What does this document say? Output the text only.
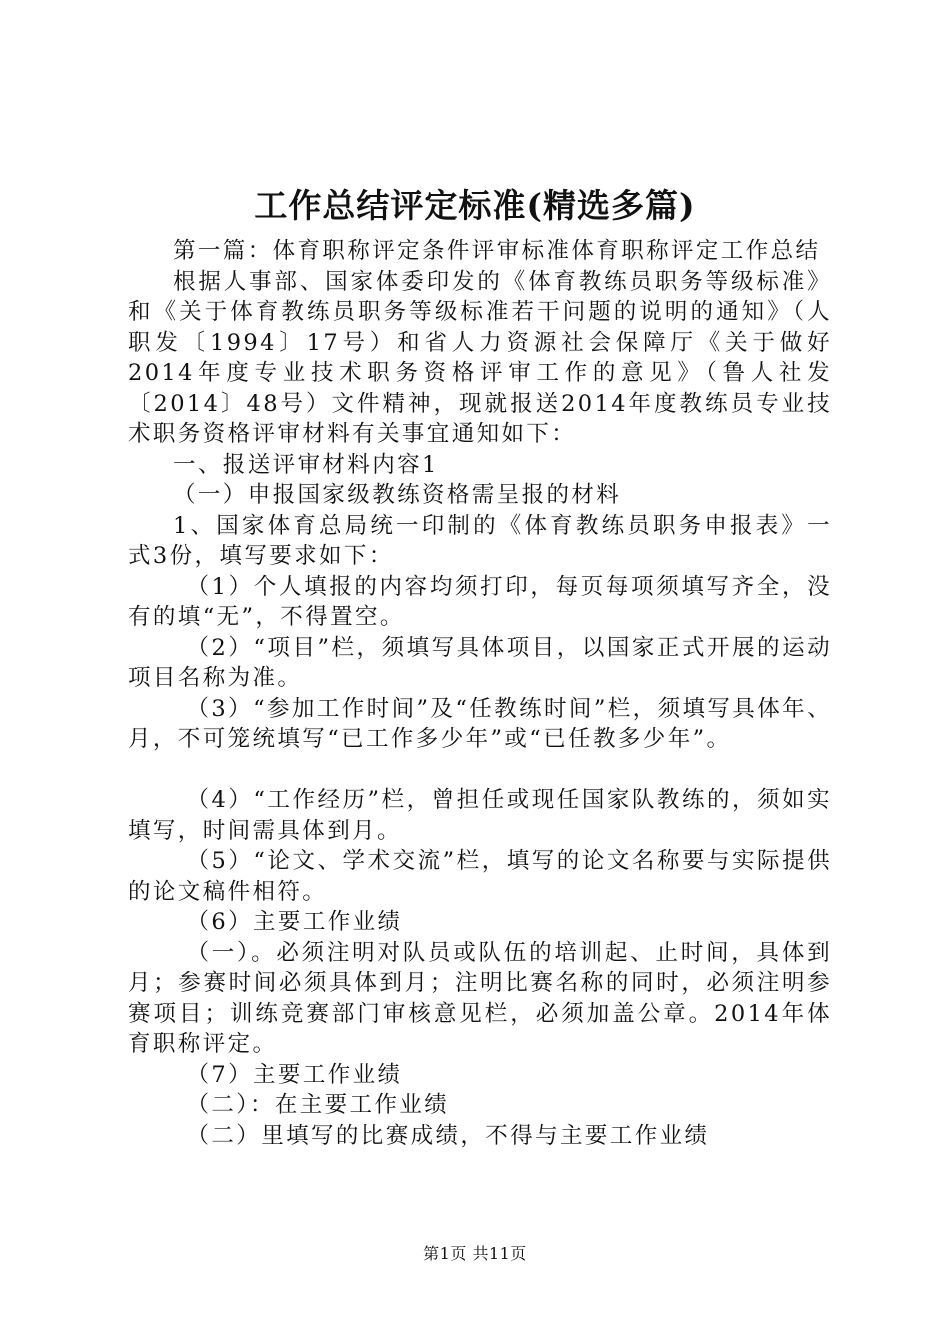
工作总结评定标准(精选多篇)

第一篇：体育职称评定条件评审标准体育职称评定工作总结

根据人事部、国家体委印发的《体育教练员职务等级标准》和《关于体育教练员职务等级标准若干问题的说明的通知》（人职发〔1994〕17号）和省人力资源社会保障厅《关于做好2014年度专业技术职务资格评审工作的意见》（鲁人社发〔2014〕48号）文件精神，现就报送2014年度教练员专业技术职务资格评审材料有关事宜通知如下：

一、报送评审材料内容1

（一）申报国家级教练资格需呈报的材料

1、国家体育总局统一印制的《体育教练员职务申报表》一式3份，填写要求如下：

（1）个人填报的内容均须打印，每页每项须填写齐全，没有的填“无”，不得置空。

（2）“项目”栏，须填写具体项目，以国家正式开展的运动项目名称为准。

（3）“参加工作时间”及“任教练时间”栏，须填写具体年、月，不可笼统填写“已工作多少年”或“已任教多少年”。

（4）“工作经历”栏，曾担任或现任国家队教练的，须如实填写，时间需具体到月。

（5）“论文、学术交流”栏，填写的论文名称要与实际提供的论文稿件相符。

（6）主要工作业绩

（一）。必须注明对队员或队伍的培训起、止时间，具体到月；参赛时间必须具体到月；注明比赛名称的同时，必须注明参赛项目；训练竞赛部门审核意见栏，必须加盖公章。2014年体育职称评定。

（7）主要工作业绩

（二）：在主要工作业绩

（二）里填写的比赛成绩，不得与主要工作业绩

第1页 共11页
